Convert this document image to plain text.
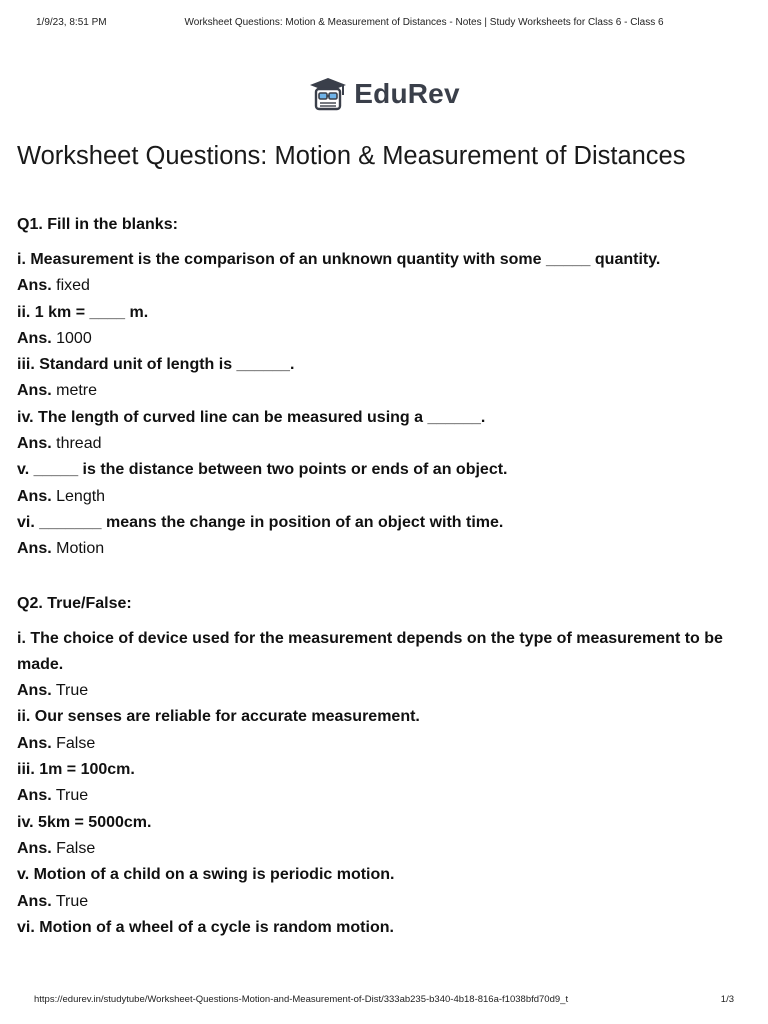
1/9/23, 8:51 PM	Worksheet Questions: Motion & Measurement of Distances - Notes | Study Worksheets for Class 6 - Class 6
EduRev
Worksheet Questions: Motion & Measurement of Distances

Q1. Fill in the blanks:

i. Measurement is the comparison of an unknown quantity with some _____ quantity.

Ans. fixed

ii. 1 km = ____ m.

Ans. 1000

iii. Standard unit of length is ______.

Ans. metre

iv. The length of curved line can be measured using a ______.

Ans. thread

v. _____ is the distance between two points or ends of an object.

Ans. Length

vi. _______ means the change in position of an object with time.

Ans. Motion

Q2. True/False:

i. The choice of device used for the measurement depends on the type of measurement to be made.

Ans. True

ii. Our senses are reliable for accurate measurement.

Ans. False

iii. 1m = 100cm.

Ans. True

iv. 5km = 5000cm.

Ans. False

v. Motion of a child on a swing is periodic motion.

Ans. True

vi. Motion of a wheel of a cycle is random motion.

https://edurev.in/studytube/Worksheet-Questions-Motion-and-Measurement-of-Dist/333ab235-b340-4b18-816a-f1038bfd70d9_t	1/3
